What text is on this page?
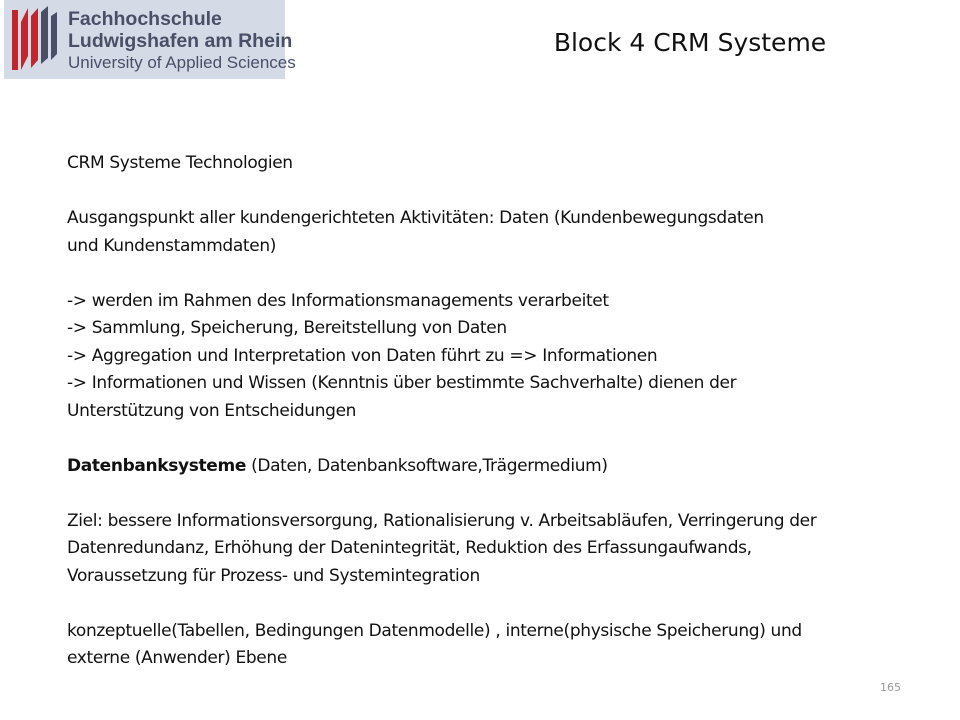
Fachhochschule
Ludwigshafen am Rhein
University of Applied Sciences
Block 4 CRM Systeme

CRM Systeme Technologien

Ausgangspunkt aller kundengerichteten Aktivitäten: Daten (Kundenbewegungsdaten

und Kundenstammdaten)

-> werden im Rahmen des Informationsmanagements verarbeitet

-> Sammlung, Speicherung, Bereitstellung von Daten

-> Aggregation und Interpretation von Daten führt zu => Informationen

-> Informationen und Wissen (Kenntnis über bestimmte Sachverhalte) dienen der

Unterstützung von Entscheidungen

Datenbanksysteme (Daten, Datenbanksoftware,Trägermedium)

Ziel: bessere Informationsversorgung, Rationalisierung v. Arbeitsabläufen, Verringerung der

Datenredundanz, Erhöhung der Datenintegrität, Reduktion des Erfassungaufwands,

Voraussetzung für Prozess- und Systemintegration

konzeptuelle(Tabellen, Bedingungen Datenmodelle) , interne(physische Speicherung) und

externe (Anwender) Ebene

165
